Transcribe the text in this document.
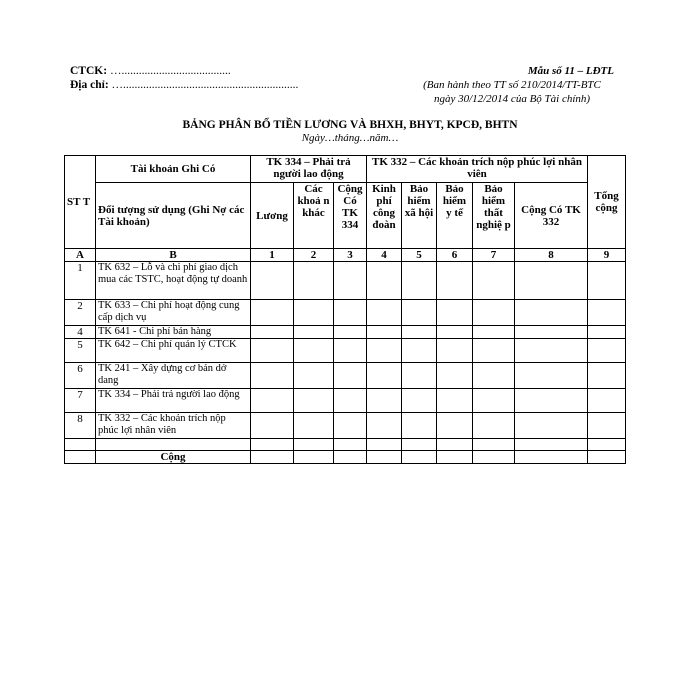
CTCK: …......................................
Địa chỉ: ….............................................................
Mẫu số 11 – LĐTL
(Ban hành theo TT số 210/2014/TT-BTC
ngày 30/12/2014 của Bộ Tài chính)
BẢNG PHÂN BỔ TIỀN LƯƠNG VÀ BHXH, BHYT, KPCĐ, BHTN
Ngày…tháng…năm…
ST T	Tài khoản Ghi Có	TK 334 – Phải trả người lao động			TK 332 – Các khoản trích nộp phúc lợi nhân viên					Tổng cộng
	Đối tượng sử dụng (Ghi Nợ các Tài khoản)	Lương	Các khoả n khác	Cộng Có TK 334	Kinh phí công đoàn	Bảo hiểm xã hội	Bảo hiểm y tế	Bảo hiểm thất nghiệ p	Cộng Có TK 332	
A	B	1	2	3	4	5	6	7	8	9
1	TK 632 – Lỗ và chi phí giao dịch mua các TSTC, hoạt động tự doanh									
2	TK 633 – Chi phí hoạt động cung cấp dịch vụ									
4	TK 641 - Chi phí bán hàng									
5	TK 642 – Chi phí quản lý CTCK									
6	TK 241 – Xây dựng cơ bản dở dang									
7	TK 334 – Phải trả người lao động									
8	TK 332 – Các khoản trích nộp phúc lợi nhân viên									

	Cộng									
